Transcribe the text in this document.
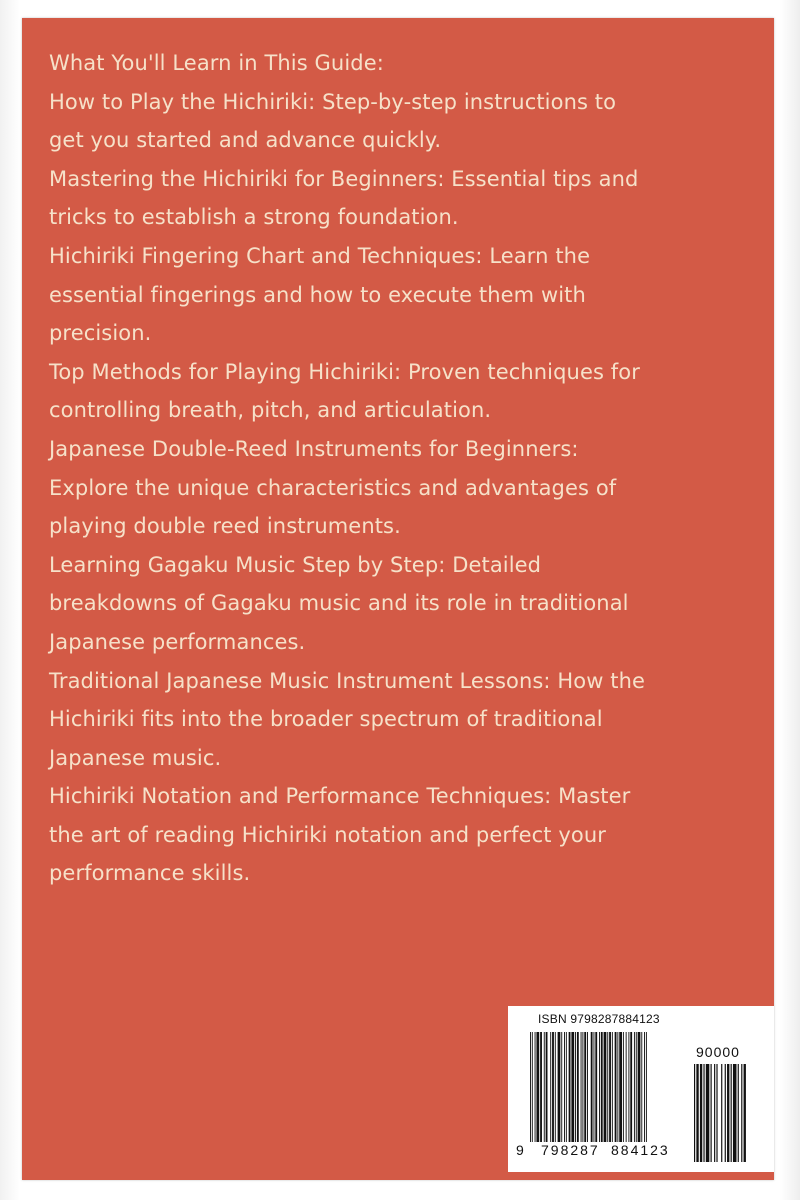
What You'll Learn in This Guide:
How to Play the Hichiriki: Step-by-step instructions to
get you started and advance quickly.
Mastering the Hichiriki for Beginners: Essential tips and
tricks to establish a strong foundation.
Hichiriki Fingering Chart and Techniques: Learn the
essential fingerings and how to execute them with
precision.
Top Methods for Playing Hichiriki: Proven techniques for
controlling breath, pitch, and articulation.
Japanese Double-Reed Instruments for Beginners:
Explore the unique characteristics and advantages of
playing double reed instruments.
Learning Gagaku Music Step by Step: Detailed
breakdowns of Gagaku music and its role in traditional
Japanese performances.
Traditional Japanese Music Instrument Lessons: How the
Hichiriki fits into the broader spectrum of traditional
Japanese music.
Hichiriki Notation and Performance Techniques: Master
the art of reading Hichiriki notation and perfect your
performance skills.
ISBN 9798287884123
90000
9 798287 884123
